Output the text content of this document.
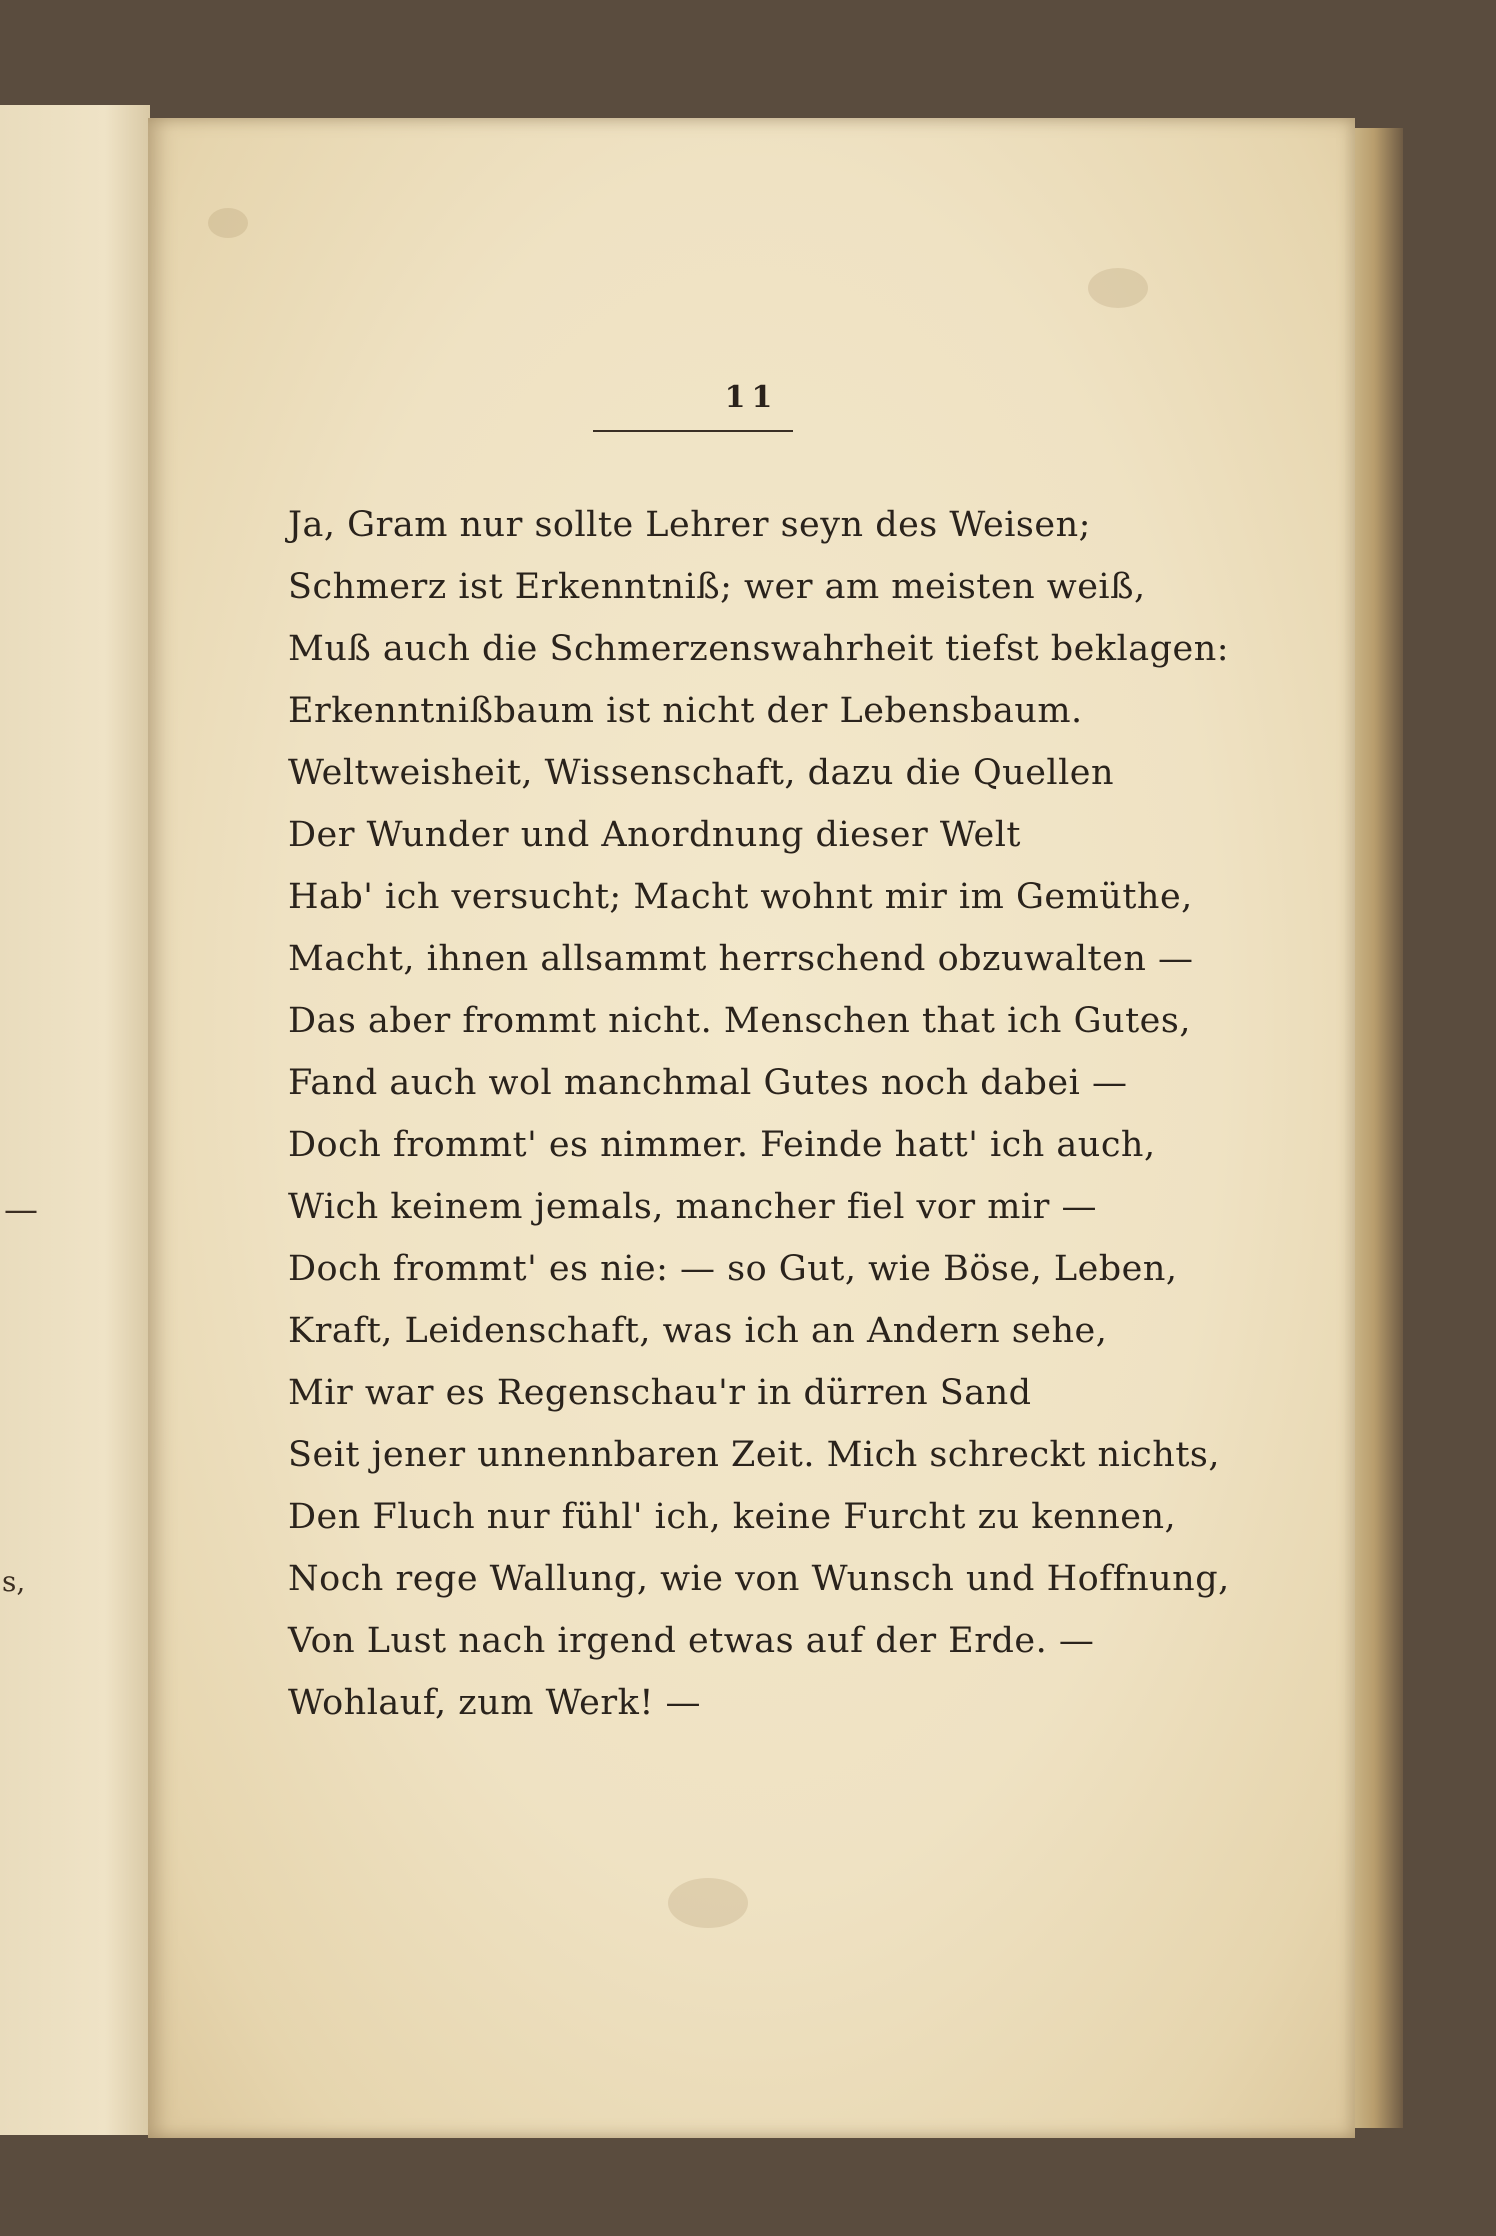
—
s,
11
Ja, Gram nur sollte Lehrer seyn des Weisen;
Schmerz ist Erkenntniß; wer am meisten weiß,
Muß auch die Schmerzenswahrheit tiefst beklagen:
Erkenntnißbaum ist nicht der Lebensbaum.
Weltweisheit, Wissenschaft, dazu die Quellen
Der Wunder und Anordnung dieser Welt
Hab' ich versucht; Macht wohnt mir im Gemüthe,
Macht, ihnen allsammt herrschend obzuwalten —
Das aber frommt nicht. Menschen that ich Gutes,
Fand auch wol manchmal Gutes noch dabei —
Doch frommt' es nimmer. Feinde hatt' ich auch,
Wich keinem jemals, mancher fiel vor mir —
Doch frommt' es nie: — so Gut, wie Böse, Leben,
Kraft, Leidenschaft, was ich an Andern sehe,
Mir war es Regenschau'r in dürren Sand
Seit jener unnennbaren Zeit. Mich schreckt nichts,
Den Fluch nur fühl' ich, keine Furcht zu kennen,
Noch rege Wallung, wie von Wunsch und Hoffnung,
Von Lust nach irgend etwas auf der Erde. —
Wohlauf, zum Werk! —
